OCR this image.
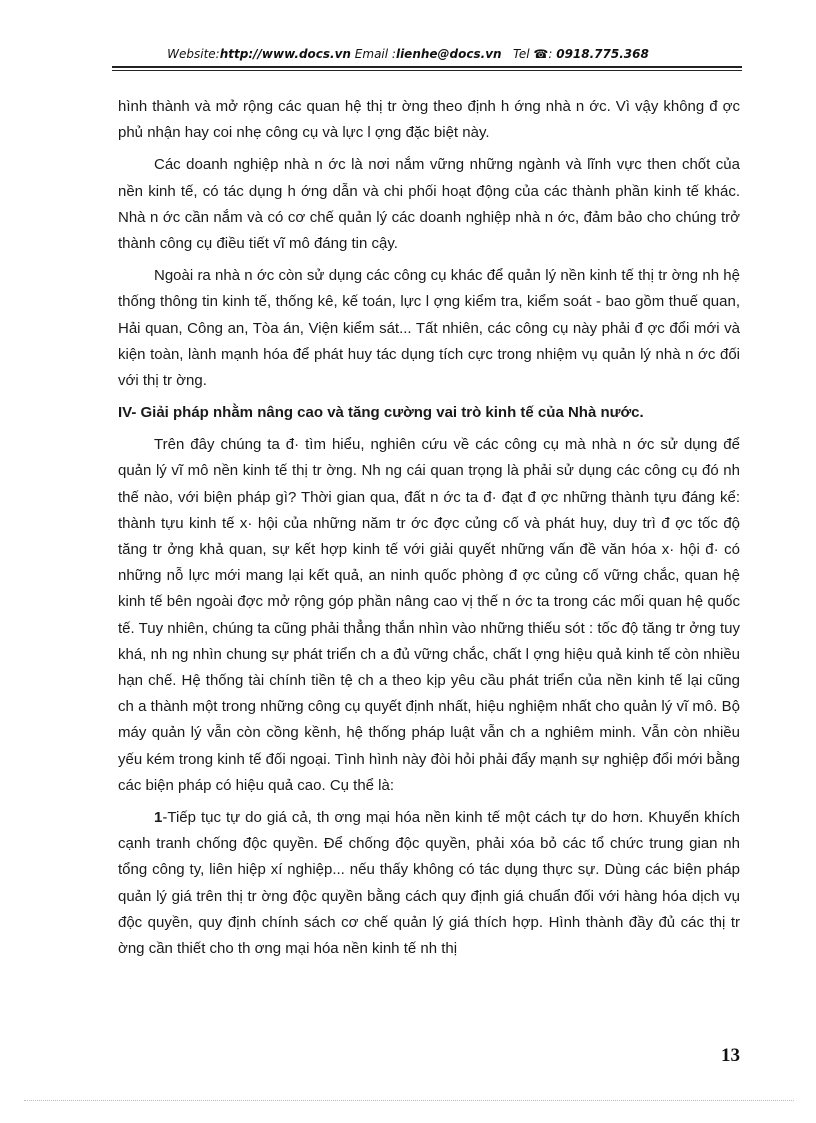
Website:http://www.docs.vn Email :lienhe@docs.vn Tel ☎: 0918.775.368

hình thành và mở rộng các quan hệ thị tr ờng theo định h ớng nhà n ớc. Vì vậy không đ ợc phủ nhận hay coi nhẹ công cụ và lực l ợng đặc biệt này.

Các doanh nghiệp nhà n ớc là nơi nắm vững những ngành và lĩnh vực then chốt của nền kinh tế, có tác dụng h ớng dẫn và chi phối hoạt động của các thành phần kinh tế khác. Nhà n ớc cần nắm và có cơ chế quản lý các doanh nghiệp nhà n ớc, đảm bảo cho chúng trở thành công cụ điều tiết vĩ mô đáng tin cậy.

Ngoài ra nhà n ớc còn sử dụng các công cụ khác để quản lý nền kinh tế thị tr ờng nh hệ thống thông tin kinh tế, thống kê, kế toán, lực l ợng kiểm tra, kiểm soát - bao gồm thuế quan, Hải quan, Công an, Tòa án, Viện kiểm sát... Tất nhiên, các công cụ này phải đ ợc đổi mới và kiện toàn, lành mạnh hóa để phát huy tác dụng tích cực trong nhiệm vụ quản lý nhà n ớc đối với thị tr ờng.

IV- Giải pháp nhằm nâng cao và tăng cường vai trò kinh tế của Nhà nước.

Trên đây chúng ta đ· tìm hiểu, nghiên cứu về các công cụ mà nhà n ớc sử dụng để quản lý vĩ mô nền kinh tế thị tr ờng. Nh ng cái quan trọng là phải sử dụng các công cụ đó nh thế nào, với biện pháp gì? Thời gian qua, đất n ớc ta đ· đạt đ ợc những thành tựu đáng kể: thành tựu kinh tế x· hội của những năm tr ớc đợc củng cố và phát huy, duy trì đ ợc tốc độ tăng tr ởng khả quan, sự kết hợp kinh tế với giải quyết những vấn đề văn hóa x· hội đ· có những nỗ lực mới mang lại kết quả, an ninh quốc phòng đ ợc củng cố vững chắc, quan hệ kinh tế bên ngoài đợc mở rộng góp phần nâng cao vị thế n ớc ta trong các mối quan hệ quốc tế. Tuy nhiên, chúng ta cũng phải thẳng thắn nhìn vào những thiếu sót : tốc độ tăng tr ởng tuy khá, nh ng nhìn chung sự phát triển ch a đủ vững chắc, chất l ợng hiệu quả kinh tế còn nhiều hạn chế. Hệ thống tài chính tiền tệ ch a theo kịp yêu cầu phát triển của nền kinh tế lại cũng ch a thành một trong những công cụ quyết định nhất, hiệu nghiệm nhất cho quản lý vĩ mô. Bộ máy quản lý vẫn còn cồng kềnh, hệ thống pháp luật vẫn ch a nghiêm minh. Vẫn còn nhiều yếu kém trong kinh tế đối ngoại. Tình hình này đòi hỏi phải đẩy mạnh sự nghiệp đổi mới bằng các biện pháp có hiệu quả cao. Cụ thể là:

1-Tiếp tục tự do giá cả, th ơng mại hóa nền kinh tế một cách tự do hơn. Khuyến khích cạnh tranh chống độc quyền. Để chống độc quyền, phải xóa bỏ các tổ chức trung gian nh tổng công ty, liên hiệp xí nghiệp... nếu thấy không có tác dụng thực sự. Dùng các biện pháp quản lý giá trên thị tr ờng độc quyền bằng cách quy định giá chuẩn đối với hàng hóa dịch vụ độc quyền, quy định chính sách cơ chế quản lý giá thích hợp. Hình thành đầy đủ các thị tr ờng cần thiết cho th ơng mại hóa nền kinh tế nh thị

13
